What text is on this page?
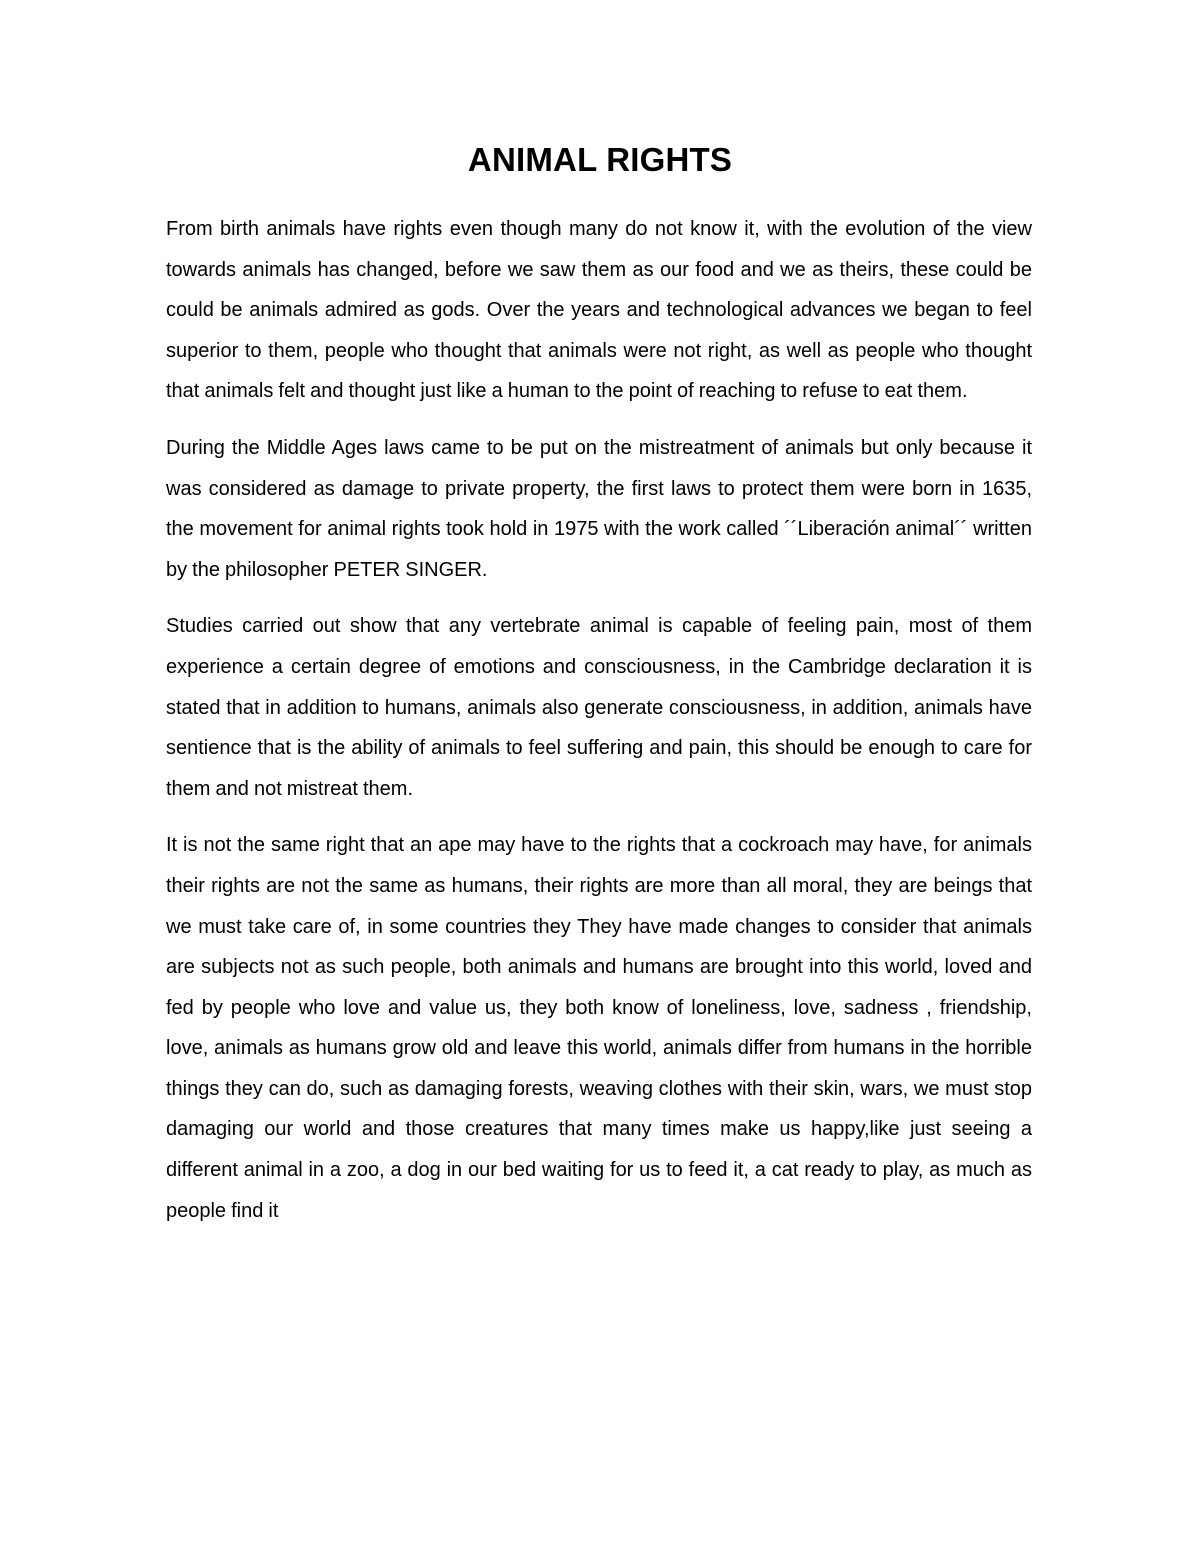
ANIMAL RIGHTS

From birth animals have rights even though many do not know it, with the evolution of the view towards animals has changed, before we saw them as our food and we as theirs, these could be could be animals admired as gods. Over the years and technological advances we began to feel superior to them, people who thought that animals were not right, as well as people who thought that animals felt and thought just like a human to the point of reaching to refuse to eat them.

During the Middle Ages laws came to be put on the mistreatment of animals but only because it was considered as damage to private property, the first laws to protect them were born in 1635, the movement for animal rights took hold in 1975 with the work called ´´Liberación animal´´ written by the philosopher PETER SINGER.

Studies carried out show that any vertebrate animal is capable of feeling pain, most of them experience a certain degree of emotions and consciousness, in the Cambridge declaration it is stated that in addition to humans, animals also generate consciousness, in addition, animals have sentience that is the ability of animals to feel suffering and pain, this should be enough to care for them and not mistreat them.

It is not the same right that an ape may have to the rights that a cockroach may have, for animals their rights are not the same as humans, their rights are more than all moral, they are beings that we must take care of, in some countries they They have made changes to consider that animals are subjects not as such people, both animals and humans are brought into this world, loved and fed by people who love and value us, they both know of loneliness, love, sadness , friendship, love, animals as humans grow old and leave this world, animals differ from humans in the horrible things they can do, such as damaging forests, weaving clothes with their skin, wars, we must stop damaging our world and those creatures that many times make us happy,like just seeing a different animal in a zoo, a dog in our bed waiting for us to feed it, a cat ready to play, as much as people find it
